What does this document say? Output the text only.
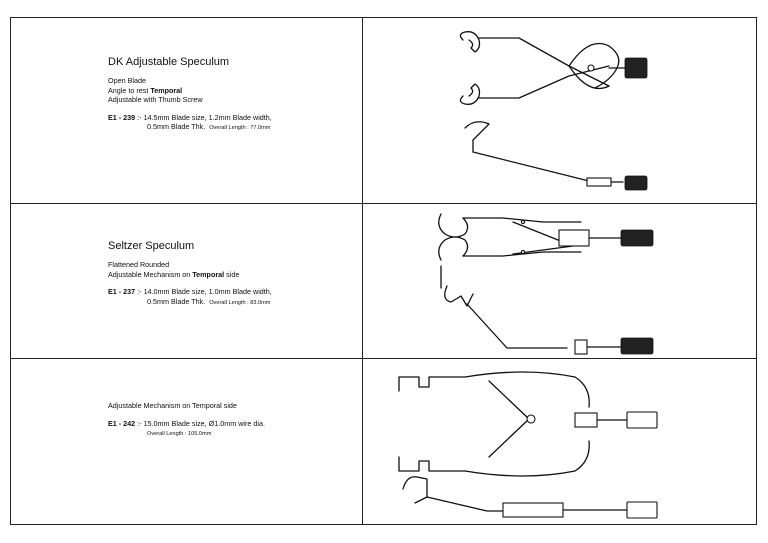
DK Adjustable Speculum
Open Blade
Angle to rest Temporal
Adjustable with Thumb Screw
E1 - 239 :- 14.5mm Blade size, 1.2mm Blade width,
0.5mm Blade Thk. Overall Length : 77.0mm
Seltzer Speculum
Flattened Rounded
Adjustable Mechanism on Temporal side
E1 - 237 :- 14.0mm Blade size, 1.0mm Blade width,
0.5mm Blade Thk. Overall Length : 83.0mm
Adjustable Mechanism on Temporal side
E1 - 242 :- 15.0mm Blade size, Ø1.0mm wire dia.
Overall Length : 105.0mm
